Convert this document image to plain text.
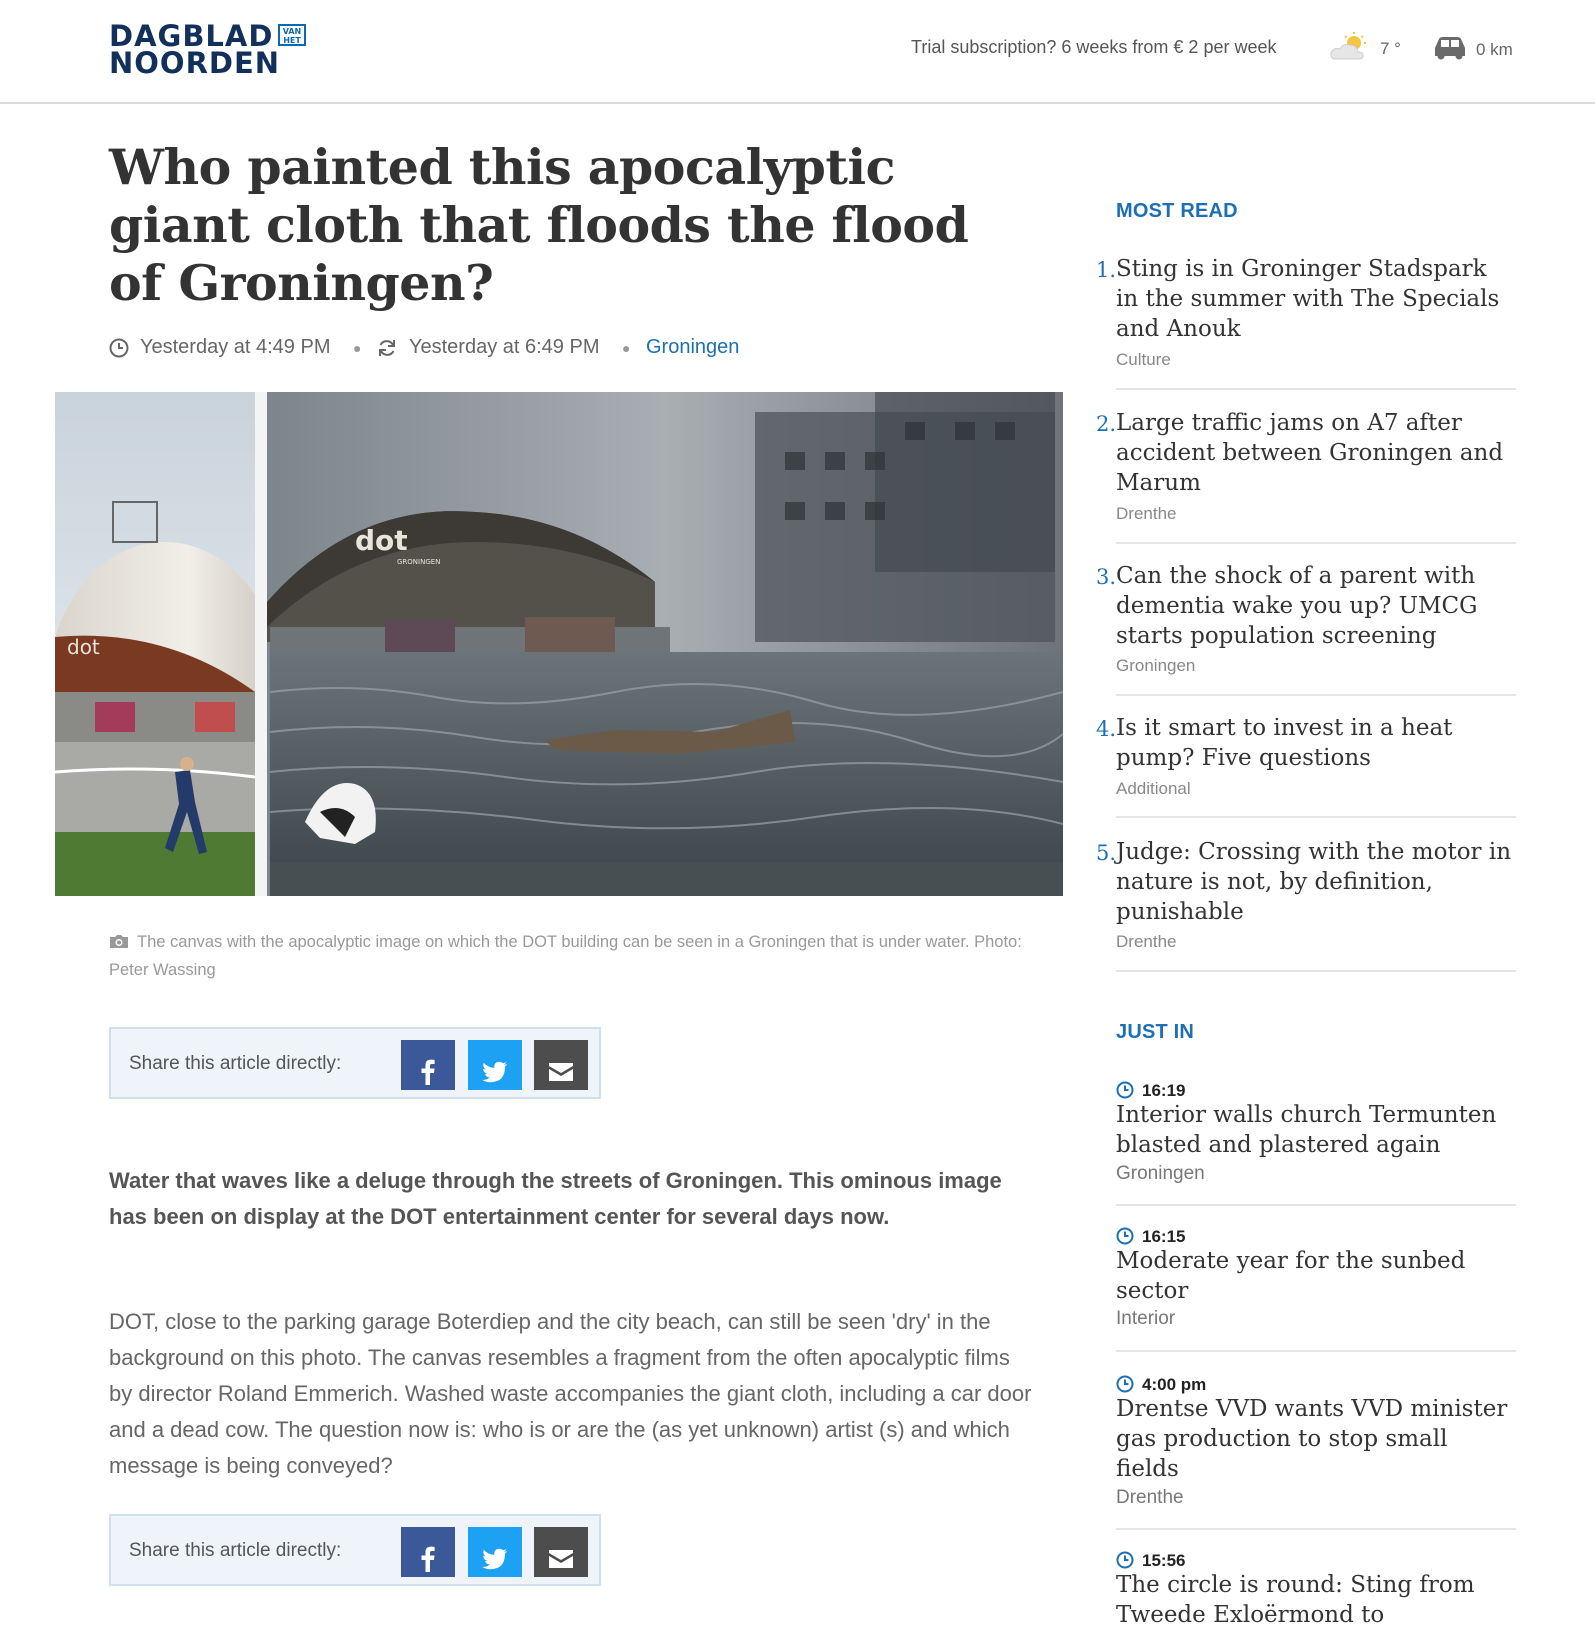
DAGBLAD
NOORDEN
VAN HET	Trial subscription? 6 weeks from € 2 per week	7 °	0 km
Who painted this apocalyptic giant cloth that floods the flood of Groningen?
Yesterday at 4:49 PM ● Yesterday at 6:49 PM ● Groningen
dot
dot
GRONINGEN
The canvas with the apocalyptic image on which the DOT building can be seen in a Groningen that is under water. Photo: Peter Wassing
Share this article directly:

Water that waves like a deluge through the streets of Groningen. This ominous image has been on display at the DOT entertainment center for several days now.

DOT, close to the parking garage Boterdiep and the city beach, can still be seen 'dry' in the background on this photo. The canvas resembles a fragment from the often apocalyptic films by director Roland Emmerich. Washed waste accompanies the giant cloth, including a car door and a dead cow. The question now is: who is or are the (as yet unknown) artist (s) and which message is being conveyed?

Share this article directly:
MOST READ
1. Sting is in Groninger Stadspark in the summer with The Specials and Anouk
Culture
2. Large traffic jams on A7 after accident between Groningen and Marum
Drenthe
3. Can the shock of a parent with dementia wake you up? UMCG starts population screening
Groningen
4. Is it smart to invest in a heat pump? Five questions
Additional
5. Judge: Crossing with the motor in nature is not, by definition, punishable
Drenthe
JUST IN
16:19
Interior walls church Termunten blasted and plastered again
Groningen
16:15
Moderate year for the sunbed sector
Interior
4:00 pm
Drentse VVD wants VVD minister gas production to stop small fields
Drenthe
15:56
The circle is round: Sting from Tweede Exloërmond to
